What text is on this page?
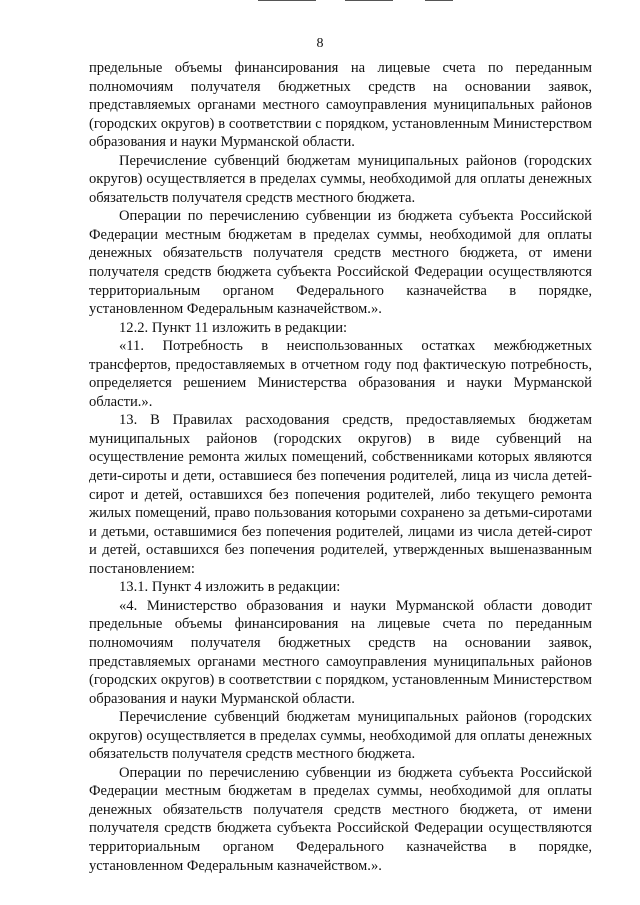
8

предельные объемы финансирования на лицевые счета по переданным полномочиям получателя бюджетных средств на основании заявок, представляемых органами местного самоуправления муниципальных районов (городских округов) в соответствии с порядком, установленным Министерством образования и науки Мурманской области.

Перечисление субвенций бюджетам муниципальных районов (городских округов) осуществляется в пределах суммы, необходимой для оплаты денежных обязательств получателя средств местного бюджета.

Операции по перечислению субвенции из бюджета субъекта Российской Федерации местным бюджетам в пределах суммы, необходимой для оплаты денежных обязательств получателя средств местного бюджета, от имени получателя средств бюджета субъекта Российской Федерации осуществляются территориальным органом Федерального казначейства в порядке, установленном Федеральным казначейством.».

12.2. Пункт 11 изложить в редакции:

«11. Потребность в неиспользованных остатках межбюджетных трансфертов, предоставляемых в отчетном году под фактическую потребность, определяется решением Министерства образования и науки Мурманской области.».

13. В Правилах расходования средств, предоставляемых бюджетам муниципальных районов (городских округов) в виде субвенций на осуществление ремонта жилых помещений, собственниками которых являются дети-сироты и дети, оставшиеся без попечения родителей, лица из числа детей-сирот и детей, оставшихся без попечения родителей, либо текущего ремонта жилых помещений, право пользования которыми сохранено за детьми-сиротами и детьми, оставшимися без попечения родителей, лицами из числа детей-сирот и детей, оставшихся без попечения родителей, утвержденных вышеназванным постановлением:

13.1. Пункт 4 изложить в редакции:

«4. Министерство образования и науки Мурманской области доводит предельные объемы финансирования на лицевые счета по переданным полномочиям получателя бюджетных средств на основании заявок, представляемых органами местного самоуправления муниципальных районов (городских округов) в соответствии с порядком, установленным Министерством образования и науки Мурманской области.

Перечисление субвенций бюджетам муниципальных районов (городских округов) осуществляется в пределах суммы, необходимой для оплаты денежных обязательств получателя средств местного бюджета.

Операции по перечислению субвенции из бюджета субъекта Российской Федерации местным бюджетам в пределах суммы, необходимой для оплаты денежных обязательств получателя средств местного бюджета, от имени получателя средств бюджета субъекта Российской Федерации осуществляются территориальным органом Федерального казначейства в порядке, установленном Федеральным казначейством.».
